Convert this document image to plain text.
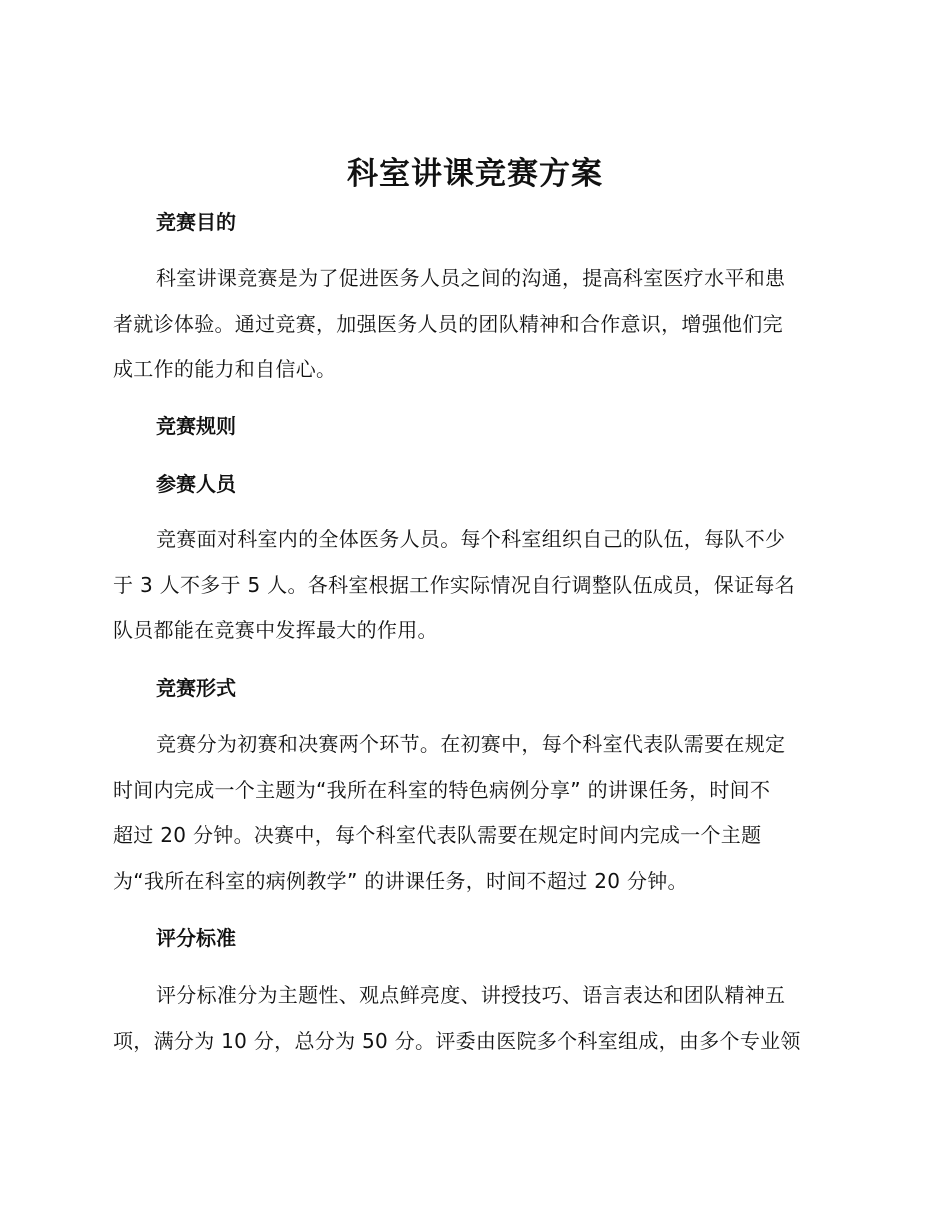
科室讲课竞赛方案
竞赛目的
科室讲课竞赛是为了促进医务人员之间的沟通，提高科室医疗水平和患
者就诊体验。通过竞赛，加强医务人员的团队精神和合作意识，增强他们完
成工作的能力和自信心。
竞赛规则
参赛人员
竞赛面对科室内的全体医务人员。每个科室组织自己的队伍，每队不少
于 3 人不多于 5 人。各科室根据工作实际情况自行调整队伍成员，保证每名
队员都能在竞赛中发挥最大的作用。
竞赛形式
竞赛分为初赛和决赛两个环节。在初赛中，每个科室代表队需要在规定
时间内完成一个主题为“我所在科室的特色病例分享” 的讲课任务，时间不
超过 20 分钟。决赛中，每个科室代表队需要在规定时间内完成一个主题
为“我所在科室的病例教学” 的讲课任务，时间不超过 20 分钟。
评分标准
评分标准分为主题性、观点鲜亮度、讲授技巧、语言表达和团队精神五
项，满分为 10 分，总分为 50 分。评委由医院多个科室组成，由多个专业领
